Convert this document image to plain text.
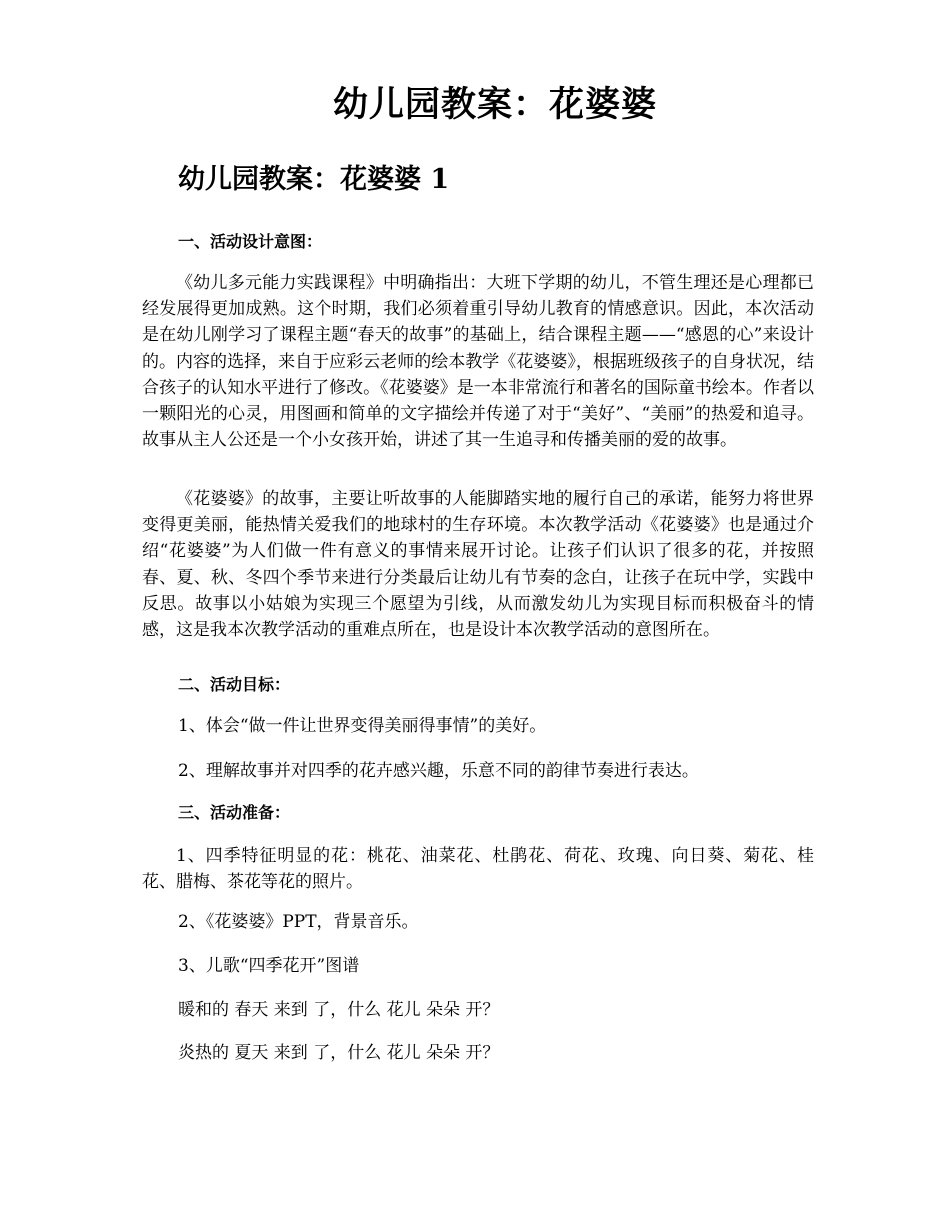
幼儿园教案：花婆婆
幼儿园教案：花婆婆 1
一、活动设计意图：

《幼儿多元能力实践课程》中明确指出：大班下学期的幼儿，不管生理还是心理都已经发展得更加成熟。这个时期，我们必须着重引导幼儿教育的情感意识。因此，本次活动是在幼儿刚学习了课程主题“春天的故事”的基础上，结合课程主题——“感恩的心”来设计的。内容的选择，来自于应彩云老师的绘本教学《花婆婆》，根据班级孩子的自身状况，结合孩子的认知水平进行了修改。《花婆婆》是一本非常流行和著名的国际童书绘本。作者以一颗阳光的心灵，用图画和简单的文字描绘并传递了对于“美好”、“美丽”的热爱和追寻。故事从主人公还是一个小女孩开始，讲述了其一生追寻和传播美丽的爱的故事。

《花婆婆》的故事，主要让听故事的人能脚踏实地的履行自己的承诺，能努力将世界变得更美丽，能热情关爱我们的地球村的生存环境。本次教学活动《花婆婆》也是通过介绍“花婆婆”为人们做一件有意义的事情来展开讨论。让孩子们认识了很多的花，并按照春、夏、秋、冬四个季节来进行分类最后让幼儿有节奏的念白，让孩子在玩中学，实践中反思。故事以小姑娘为实现三个愿望为引线，从而激发幼儿为实现目标而积极奋斗的情感，这是我本次教学活动的重难点所在，也是设计本次教学活动的意图所在。

二、活动目标：
1、体会“做一件让世界变得美丽得事情”的美好。
2、理解故事并对四季的花卉感兴趣，乐意不同的韵律节奏进行表达。
三、活动准备：

1、四季特征明显的花：桃花、油菜花、杜鹃花、荷花、玫瑰、向日葵、菊花、桂花、腊梅、茶花等花的照片。

2、《花婆婆》PPT，背景音乐。
3、儿歌“四季花开”图谱
暖和的 春天 来到 了，什么 花儿 朵朵 开？
炎热的 夏天 来到 了，什么 花儿 朵朵 开？
